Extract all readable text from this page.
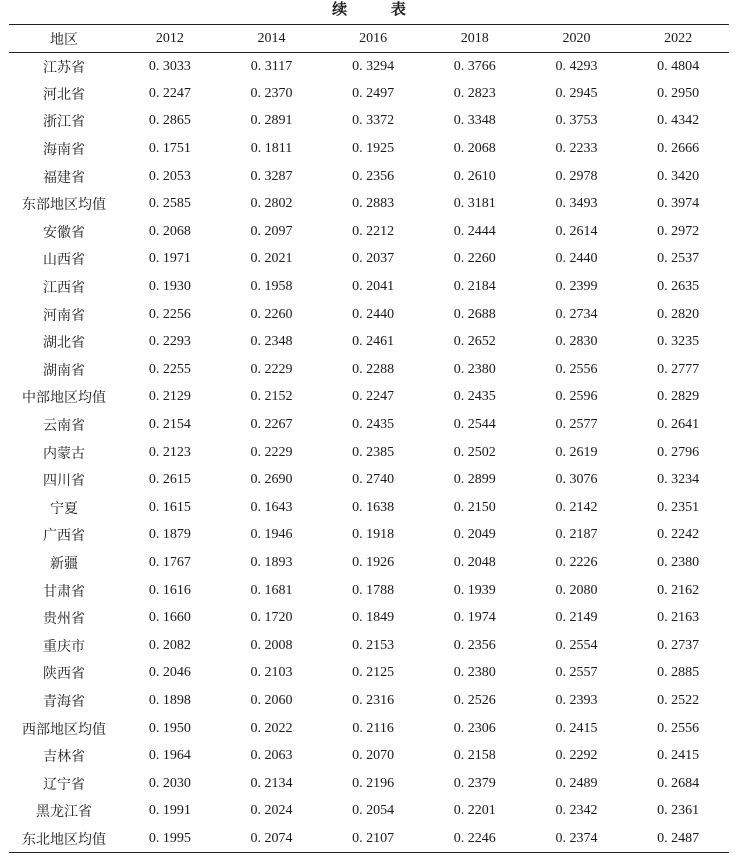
续 表
地区	2012	2014	2016	2018	2020	2022
江苏省	0. 3033	0. 3117	0. 3294	0. 3766	0. 4293	0. 4804
河北省	0. 2247	0. 2370	0. 2497	0. 2823	0. 2945	0. 2950
浙江省	0. 2865	0. 2891	0. 3372	0. 3348	0. 3753	0. 4342
海南省	0. 1751	0. 1811	0. 1925	0. 2068	0. 2233	0. 2666
福建省	0. 2053	0. 3287	0. 2356	0. 2610	0. 2978	0. 3420
东部地区均值	0. 2585	0. 2802	0. 2883	0. 3181	0. 3493	0. 3974
安徽省	0. 2068	0. 2097	0. 2212	0. 2444	0. 2614	0. 2972
山西省	0. 1971	0. 2021	0. 2037	0. 2260	0. 2440	0. 2537
江西省	0. 1930	0. 1958	0. 2041	0. 2184	0. 2399	0. 2635
河南省	0. 2256	0. 2260	0. 2440	0. 2688	0. 2734	0. 2820
湖北省	0. 2293	0. 2348	0. 2461	0. 2652	0. 2830	0. 3235
湖南省	0. 2255	0. 2229	0. 2288	0. 2380	0. 2556	0. 2777
中部地区均值	0. 2129	0. 2152	0. 2247	0. 2435	0. 2596	0. 2829
云南省	0. 2154	0. 2267	0. 2435	0. 2544	0. 2577	0. 2641
内蒙古	0. 2123	0. 2229	0. 2385	0. 2502	0. 2619	0. 2796
四川省	0. 2615	0. 2690	0. 2740	0. 2899	0. 3076	0. 3234
宁夏	0. 1615	0. 1643	0. 1638	0. 2150	0. 2142	0. 2351
广西省	0. 1879	0. 1946	0. 1918	0. 2049	0. 2187	0. 2242
新疆	0. 1767	0. 1893	0. 1926	0. 2048	0. 2226	0. 2380
甘肃省	0. 1616	0. 1681	0. 1788	0. 1939	0. 2080	0. 2162
贵州省	0. 1660	0. 1720	0. 1849	0. 1974	0. 2149	0. 2163
重庆市	0. 2082	0. 2008	0. 2153	0. 2356	0. 2554	0. 2737
陕西省	0. 2046	0. 2103	0. 2125	0. 2380	0. 2557	0. 2885
青海省	0. 1898	0. 2060	0. 2316	0. 2526	0. 2393	0. 2522
西部地区均值	0. 1950	0. 2022	0. 2116	0. 2306	0. 2415	0. 2556
吉林省	0. 1964	0. 2063	0. 2070	0. 2158	0. 2292	0. 2415
辽宁省	0. 2030	0. 2134	0. 2196	0. 2379	0. 2489	0. 2684
黑龙江省	0. 1991	0. 2024	0. 2054	0. 2201	0. 2342	0. 2361
东北地区均值	0. 1995	0. 2074	0. 2107	0. 2246	0. 2374	0. 2487
